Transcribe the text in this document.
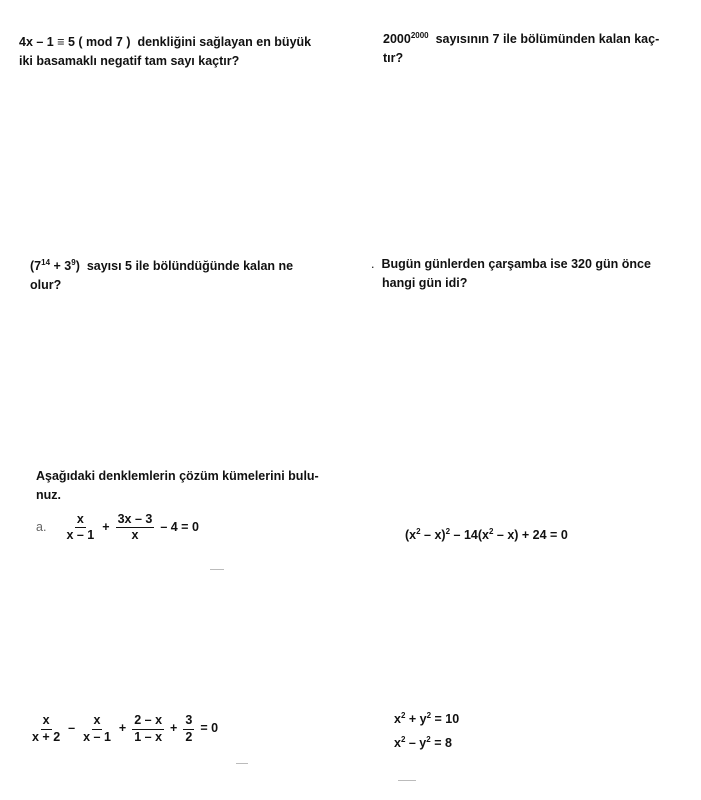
4x – 1 ≡ 5 ( mod 7 ) denkliğini sağlayan en büyük
iki basamaklı negatif tam sayı kaçtır?
$2000^{2000}$ sayısının 7 ile bölümünden kalan kaç-
tır?
$(7^{14} + 3^9)$ sayısı 5 ile bölündüğünde kalan ne
olur?
. Bugün günlerden çarşamba ise 320 gün önce
hangi gün idi?
Aşağıdaki denklemlerin çözüm kümelerini bulu-
nuz.
a. $\frac{x}{x - 1} + \frac{3x - 3}{x} - 4 = 0$
$(x^2 - x)^2 - 14(x^2 - x) + 24 = 0$
$\frac{x}{x + 2} - \frac{x}{x - 1} + \frac{2 - x}{1 - x} + \frac{3}{2} = 0$
$x^2 + y^2 = 10$
$x^2 - y^2 = 8$
